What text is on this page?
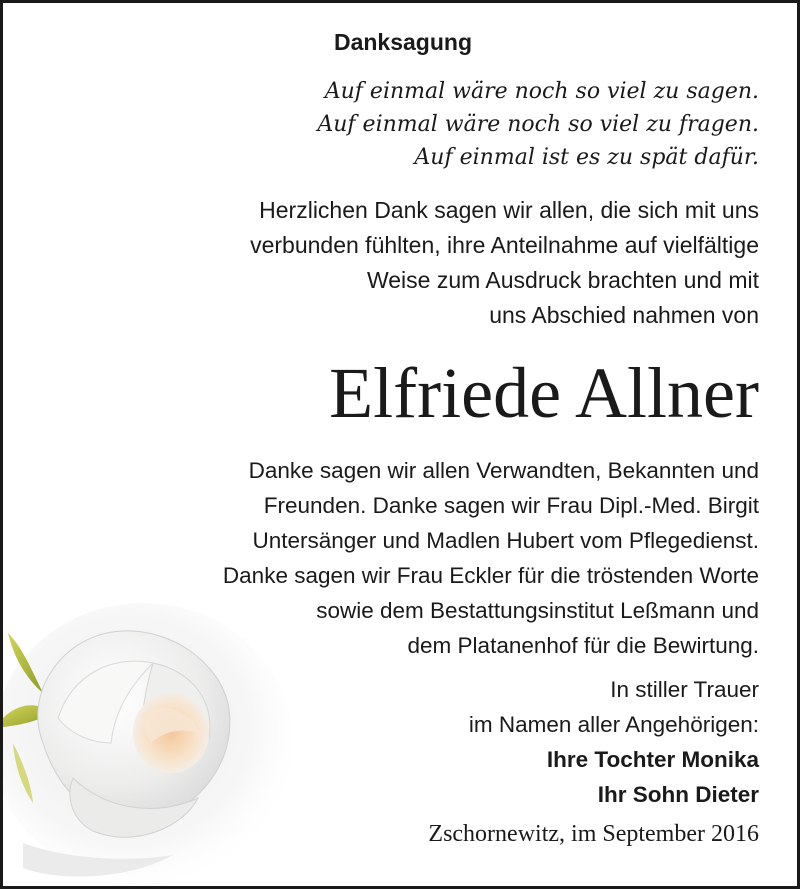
Danksagung
Auf einmal wäre noch so viel zu sagen.
Auf einmal wäre noch so viel zu fragen.
Auf einmal ist es zu spät dafür.
Herzlichen Dank sagen wir allen, die sich mit uns
verbunden fühlten, ihre Anteilnahme auf vielfältige
Weise zum Ausdruck brachten und mit
uns Abschied nahmen von
Elfriede Allner
Danke sagen wir allen Verwandten, Bekannten und
Freunden. Danke sagen wir Frau Dipl.-Med. Birgit
Untersänger und Madlen Hubert vom Pflegedienst.
Danke sagen wir Frau Eckler für die tröstenden Worte
sowie dem Bestattungsinstitut Leßmann und
dem Platanenhof für die Bewirtung.
In stiller Trauer
im Namen aller Angehörigen:
Ihre Tochter Monika
Ihr Sohn Dieter
Zschornewitz, im September 2016
